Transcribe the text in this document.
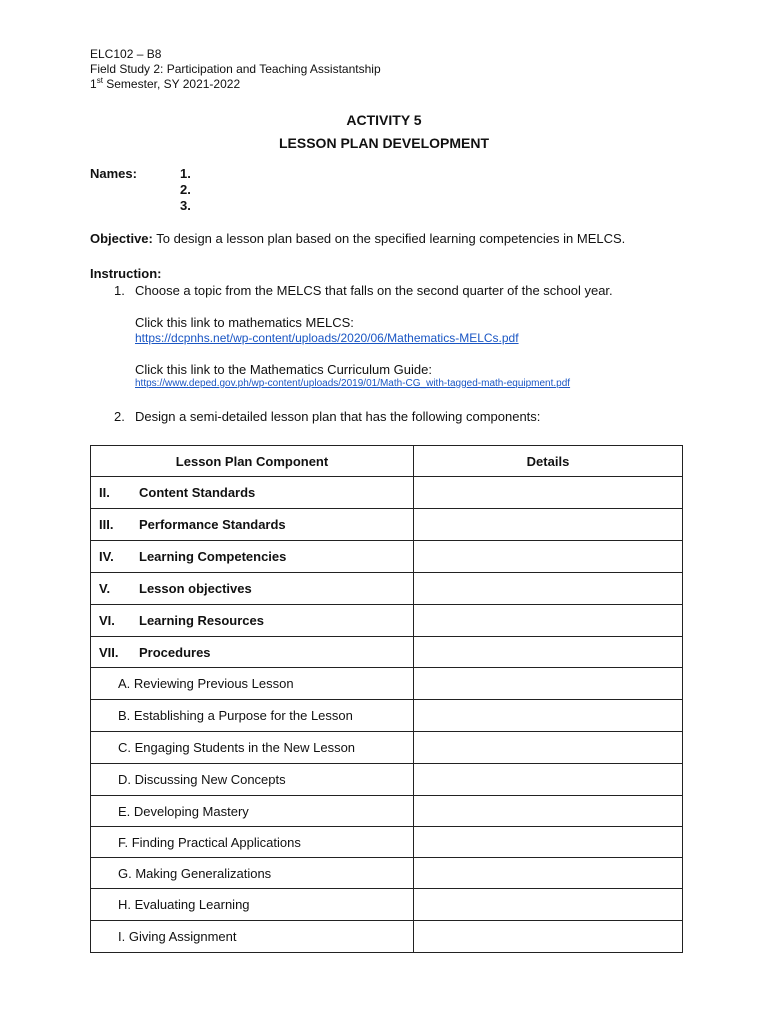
ELC102 – B8
Field Study 2: Participation and Teaching Assistantship
1st Semester, SY 2021-2022
ACTIVITY 5
LESSON PLAN DEVELOPMENT
Names:	1.
2.
3.
Objective: To design a lesson plan based on the specified learning competencies in MELCS.
Instruction:
1. Choose a topic from the MELCS that falls on the second quarter of the school year.
Click this link to mathematics MELCS:
https://dcpnhs.net/wp-content/uploads/2020/06/Mathematics-MELCs.pdf
Click this link to the Mathematics Curriculum Guide:
https://www.deped.gov.ph/wp-content/uploads/2019/01/Math-CG_with-tagged-math-equipment.pdf
2. Design a semi-detailed lesson plan that has the following components:
Lesson Plan Component	Details
II. Content Standards	
III. Performance Standards	
IV. Learning Competencies	
V. Lesson objectives	
VI. Learning Resources	
VII. Procedures	
A. Reviewing Previous Lesson	
B. Establishing a Purpose for the Lesson	
C. Engaging Students in the New Lesson	
D. Discussing New Concepts	
E. Developing Mastery	
F. Finding Practical Applications	
G. Making Generalizations	
H. Evaluating Learning	
I. Giving Assignment	
